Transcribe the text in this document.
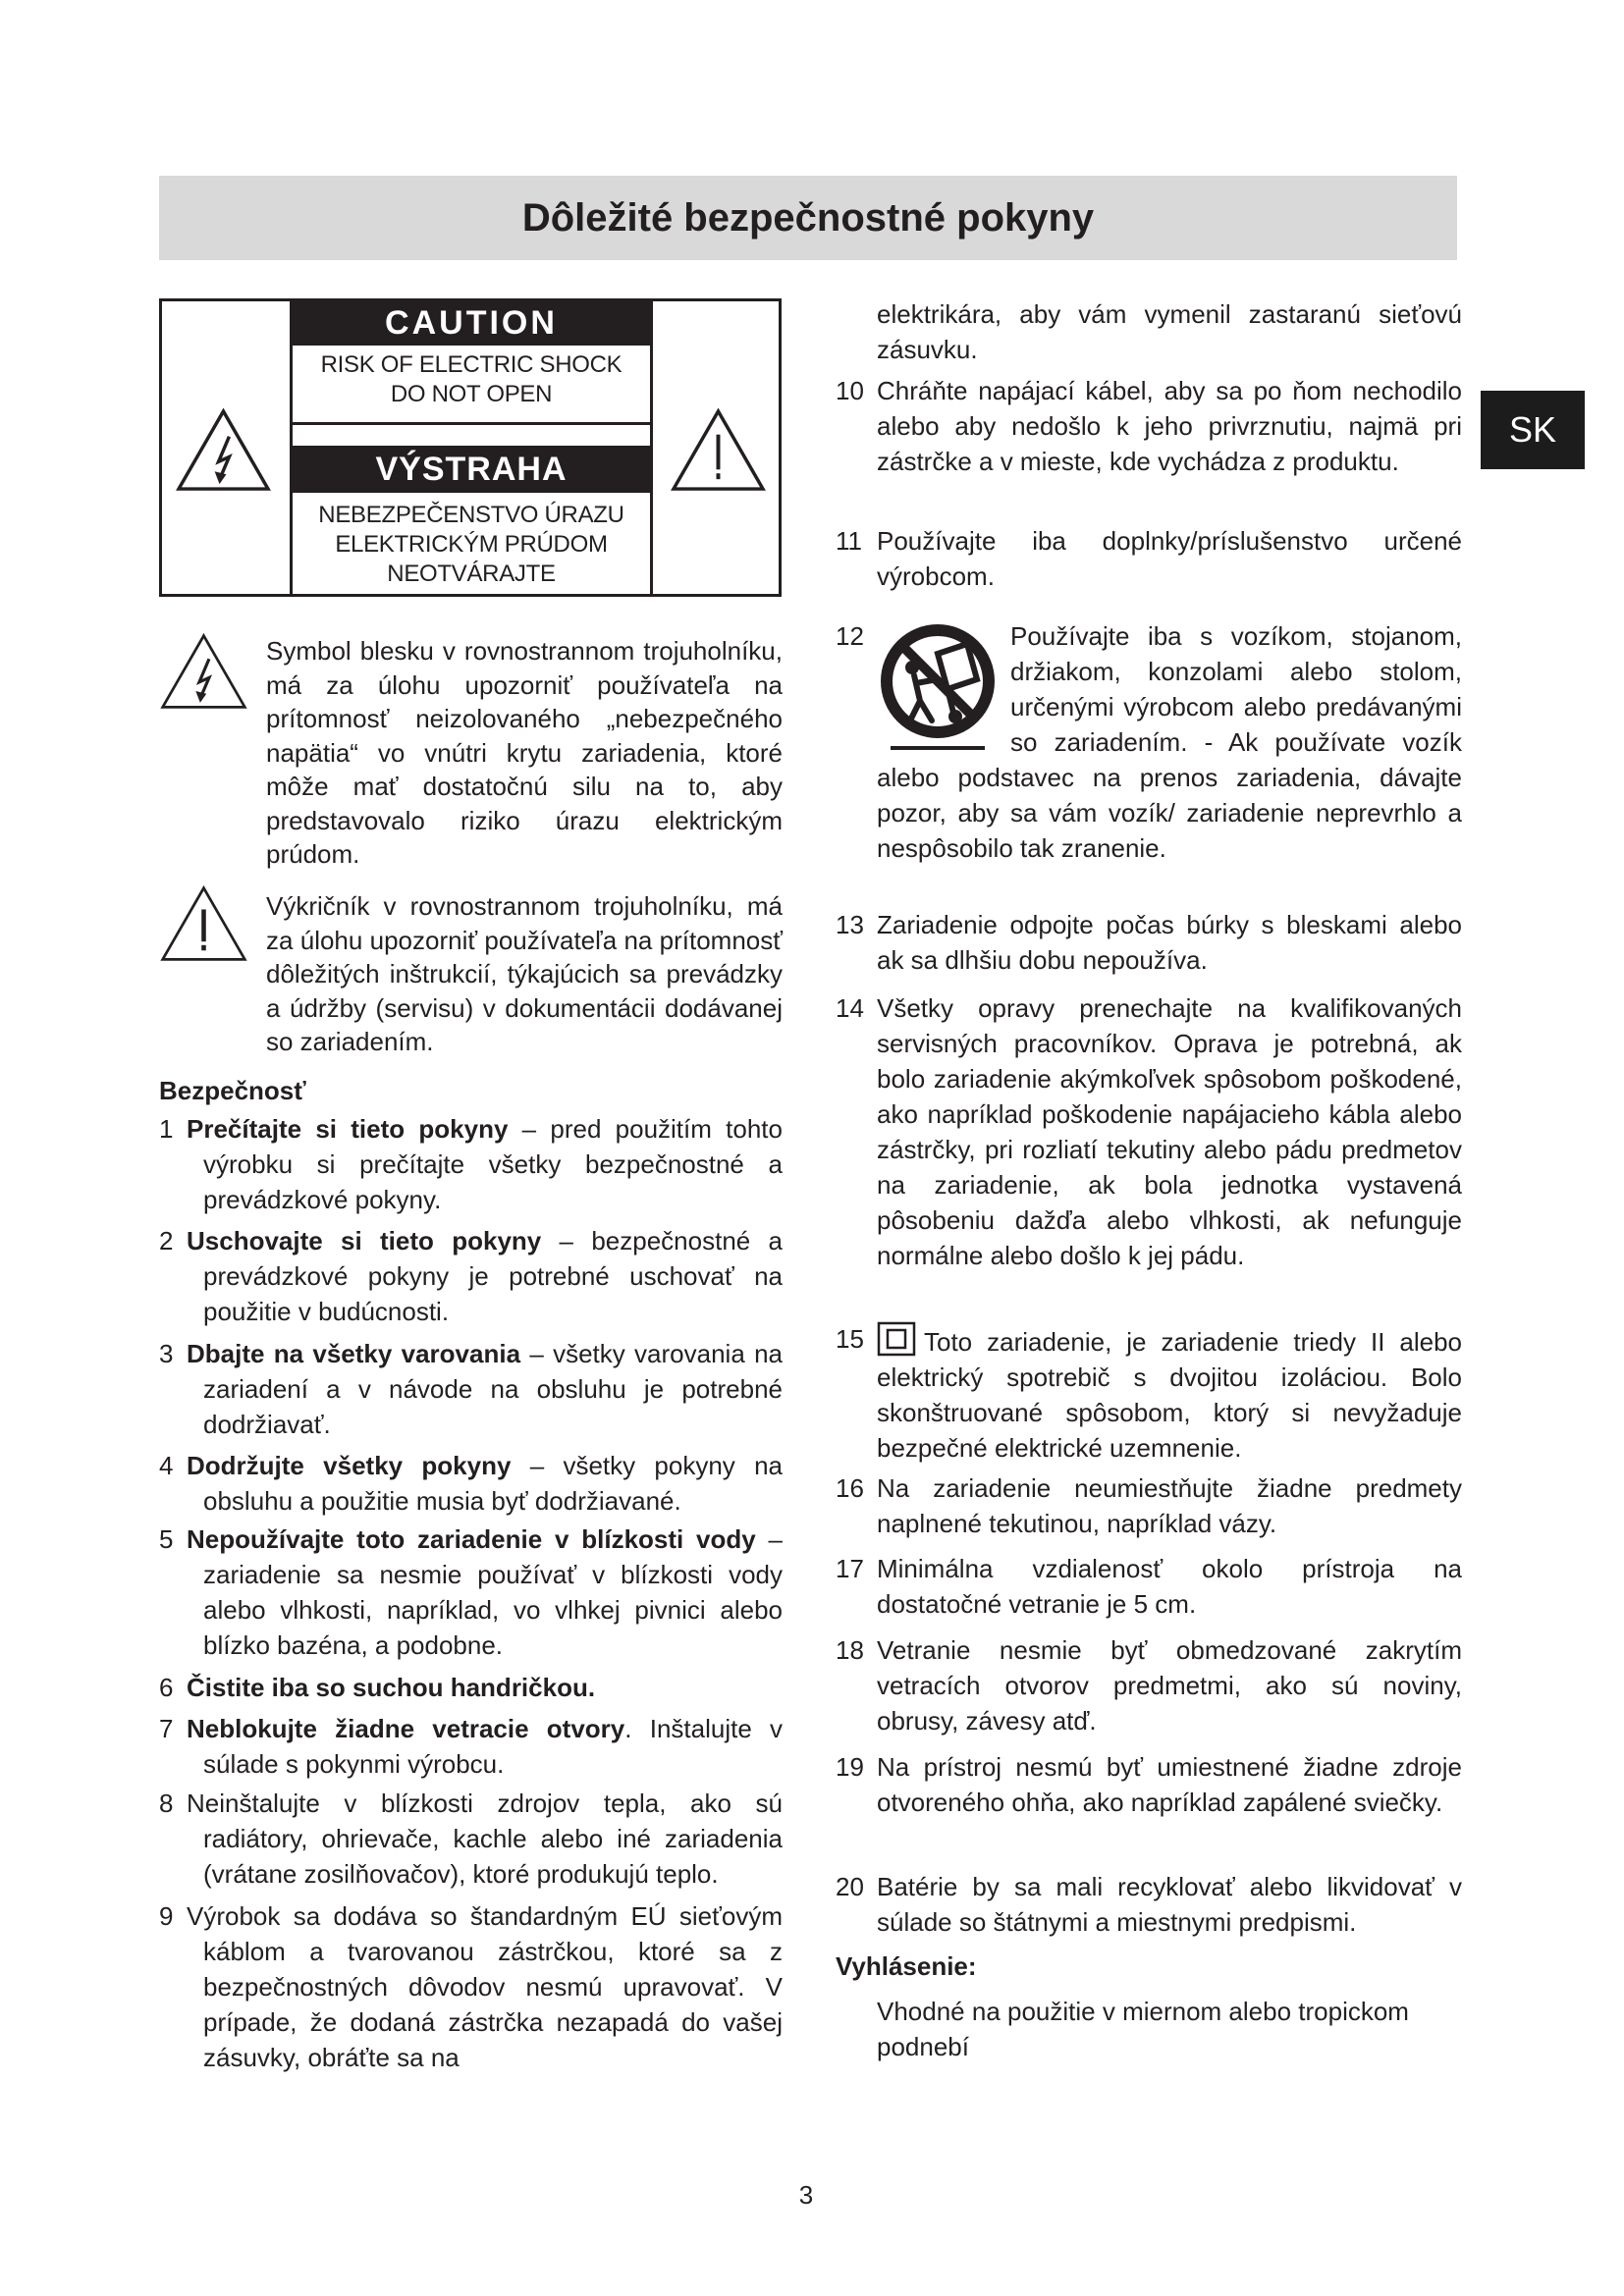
Dôležité bezpečnostné pokyny
SK
CAUTION
RISK OF ELECTRIC SHOCK
DO NOT OPEN
VÝSTRAHA
NEBEZPEČENSTVO ÚRAZU
ELEKTRICKÝM PRÚDOM
NEOTVÁRAJTE

Symbol blesku v rovnostrannom trojuholníku, má za úlohu upozorniť používateľa na prítomnosť neizolovaného „nebezpečného napätia“ vo vnútri krytu zariadenia, ktoré môže mať dostatočnú silu na to, aby predstavovalo riziko úrazu elektrickým prúdom.

Výkričník v rovnostrannom trojuholníku, má za úlohu upozorniť používateľa na prítomnosť dôležitých inštrukcií, týkajúcich sa prevádzky a údržby (servisu) v dokumentácii dodávanej so zariadením.

Bezpečnosť

1 Prečítajte si tieto pokyny – pred použitím tohto výrobku si prečítajte všetky bezpečnostné a prevádzkové pokyny.

2 Uschovajte si tieto pokyny – bezpečnostné a prevádzkové pokyny je potrebné uschovať na použitie v budúcnosti.

3 Dbajte na všetky varovania – všetky varovania na zariadení a v návode na obsluhu je potrebné dodržiavať.

4 Dodržujte všetky pokyny – všetky pokyny na obsluhu a použitie musia byť dodržiavané.

5 Nepoužívajte toto zariadenie v blízkosti vody – zariadenie sa nesmie používať v blízkosti vody alebo vlhkosti, napríklad, vo vlhkej pivnici alebo blízko bazéna, a podobne.

6 Čistite iba so suchou handričkou.

7 Neblokujte žiadne vetracie otvory. Inštalujte v súlade s pokynmi výrobcu.

8 Neinštalujte v blízkosti zdrojov tepla, ako sú radiátory, ohrievače, kachle alebo iné zariadenia (vrátane zosilňovačov), ktoré produkujú teplo.

9 Výrobok sa dodáva so štandardným EÚ sieťovým káblom a tvarovanou zástrčkou, ktoré sa z bezpečnostných dôvodov nesmú upravovať. V prípade, že dodaná zástrčka nezapadá do vašej zásuvky, obráťte sa na

elektrikára, aby vám vymenil zastaranú sieťovú zásuvku.

10 Chráňte napájací kábel, aby sa po ňom nechodilo alebo aby nedošlo k jeho privrznutiu, najmä pri zástrčke a v mieste, kde vychádza z produktu.

11 Používajte iba doplnky/príslušenstvo určené výrobcom.

12	Používajte iba s vozíkom, stojanom, držiakom, konzolami alebo stolom, určenými výrobcom alebo predávanými so zariadením. - Ak používate vozík alebo podstavec na prenos zariadenia, dávajte pozor, aby sa vám vozík/ zariadenie neprevrhlo a nespôsobilo tak zranenie.

13 Zariadenie odpojte počas búrky s bleskami alebo ak sa dlhšiu dobu nepoužíva.

14 Všetky opravy prenechajte na kvalifikovaných servisných pracovníkov. Oprava je potrebná, ak bolo zariadenie akýmkoľvek spôsobom poškodené, ako napríklad poškodenie napájacieho kábla alebo zástrčky, pri rozliatí tekutiny alebo pádu predmetov na zariadenie, ak bola jednotka vystavená pôsobeniu dažďa alebo vlhkosti, ak nefunguje normálne alebo došlo k jej pádu.

15	Toto zariadenie, je zariadenie triedy II alebo elektrický spotrebič s dvojitou izoláciou. Bolo skonštruované spôsobom, ktorý si nevyžaduje bezpečné elektrické uzemnenie.

16 Na zariadenie neumiestňujte žiadne predmety naplnené tekutinou, napríklad vázy.

17 Minimálna vzdialenosť okolo prístroja na dostatočné vetranie je 5 cm.

18 Vetranie nesmie byť obmedzované zakrytím vetracích otvorov predmetmi, ako sú noviny, obrusy, závesy atď.

19 Na prístroj nesmú byť umiestnené žiadne zdroje otvoreného ohňa, ako napríklad zapálené sviečky.

20 Batérie by sa mali recyklovať alebo likvidovať v súlade so štátnymi a miestnymi predpismi.

Vyhlásenie:

Vhodné na použitie v miernom alebo tropickom podnebí

3
